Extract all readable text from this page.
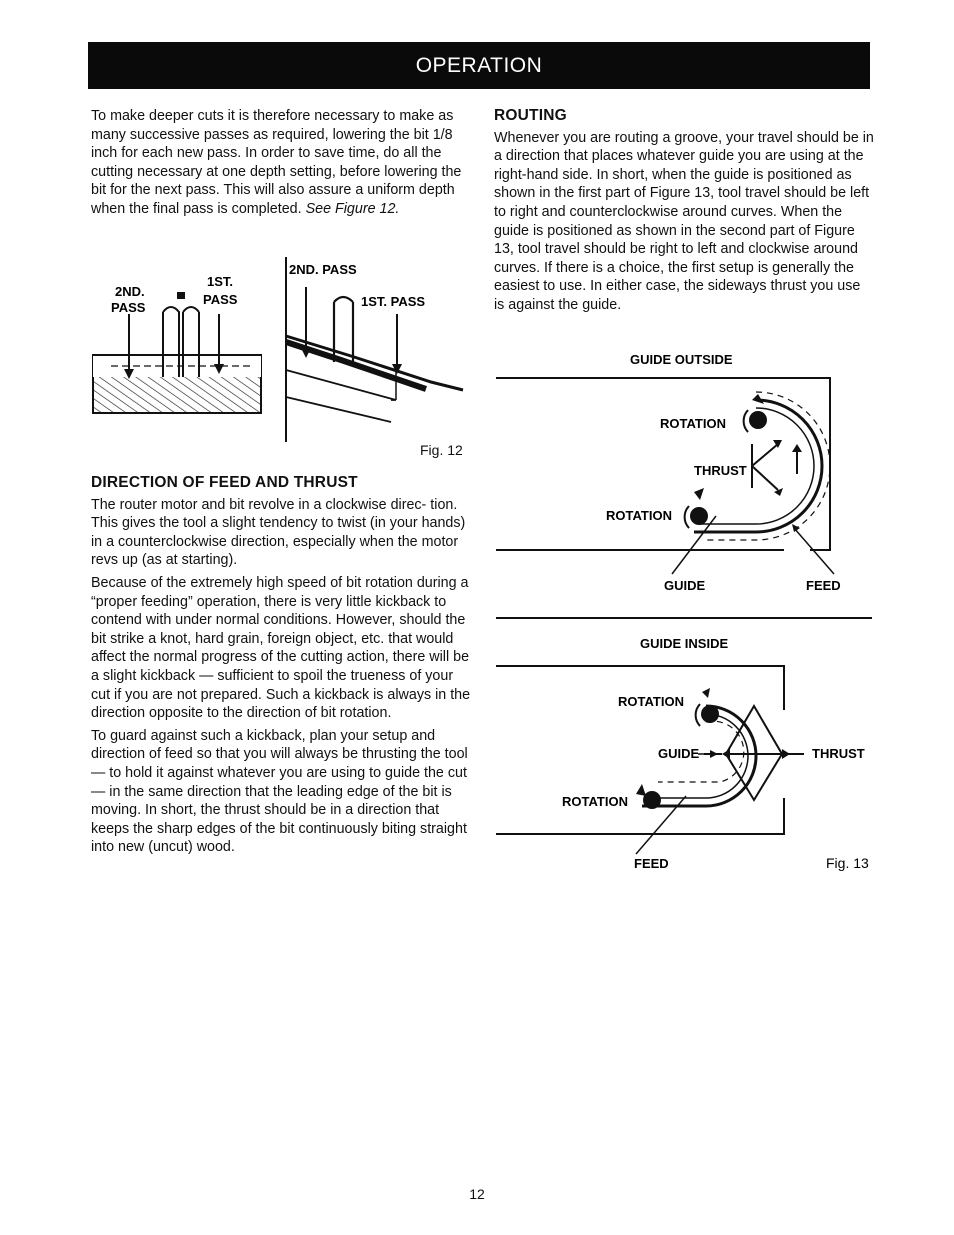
OPERATION

To make deeper cuts it is therefore necessary to make as many successive passes as required, lowering the bit 1/8 inch for each new pass. In order to save time, do all the cutting necessary at one depth setting, before lowering the bit for the next pass. This will also assure a uniform depth when the final pass is completed. See Figure 12.

2ND.
PASS
1ST.
PASS
2ND. PASS
1ST. PASS
Fig. 12
DIRECTION OF FEED AND THRUST

The router motor and bit revolve in a clockwise direc- tion. This gives the tool a slight tendency to twist (in your hands) in a counterclockwise direction, especially when the motor revs up (as at starting).

Because of the extremely high speed of bit rotation during a “proper feeding” operation, there is very little kickback to contend with under normal conditions. However, should the bit strike a knot, hard grain, foreign object, etc. that would affect the normal progress of the cutting action, there will be a slight kickback — sufficient to spoil the trueness of your cut if you are not prepared. Such a kickback is always in the direction opposite to the direction of bit rotation.

To guard against such a kickback, plan your setup and direction of feed so that you will always be thrusting the tool — to hold it against whatever you are using to guide the cut — in the same direction that the leading edge of the bit is moving. In short, the thrust should be in a direction that keeps the sharp edges of the bit continuously biting straight into new (uncut) wood.

ROUTING

Whenever you are routing a groove, your travel should be in a direction that places whatever guide you are using at the right-hand side. In short, when the guide is positioned as shown in the first part of Figure 13, tool travel should be left to right and counterclockwise around curves. When the guide is positioned as shown in the second part of Figure 13, tool travel should be right to left and clockwise around curves. If there is a choice, the first setup is generally the easiest to use. In either case, the sideways thrust you use is against the guide.

GUIDE OUTSIDE
ROTATION
THRUST
ROTATION
GUIDE	FEED
GUIDE INSIDE
ROTATION
GUIDE	THRUST
ROTATION
FEED	Fig. 13
12
